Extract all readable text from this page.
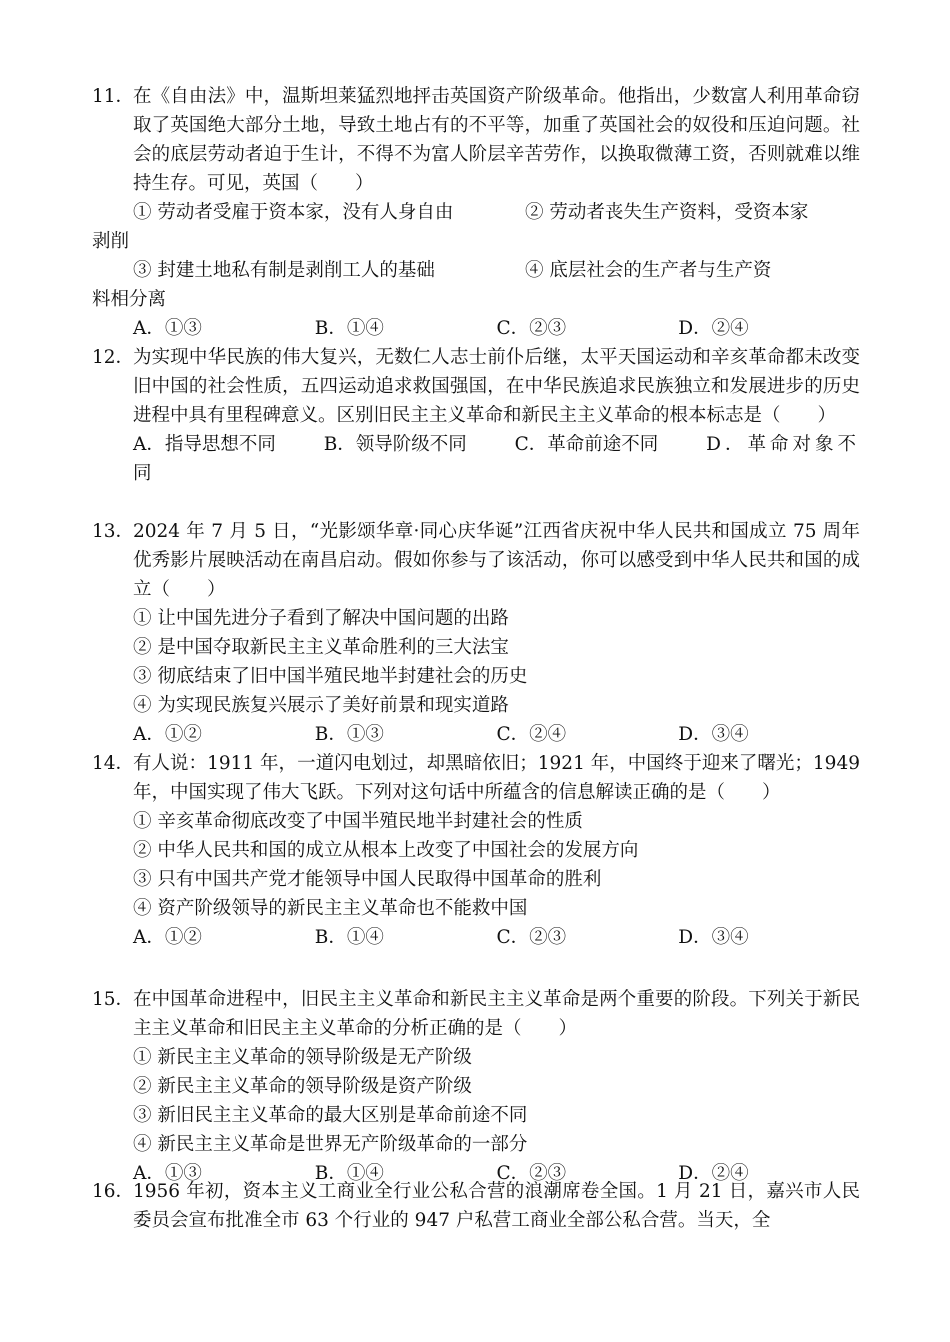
11．
在《自由法》中，温斯坦莱猛烈地抨击英国资产阶级革命。他指出，少数富人利用革命窃取了英国绝大部分土地，导致土地占有的不平等，加重了英国社会的奴役和压迫问题。社会的底层劳动者迫于生计，不得不为富人阶层辛苦劳作，以换取微薄工资，否则就难以维持生存。可见，英国（　　）
① 劳动者受雇于资本家，没有人身自由	② 劳动者丧失生产资料，受资本家
剥削
③ 封建土地私有制是剥削工人的基础	④ 底层社会的生产者与生产资
料相分离
A．①③	B．①④	C．②③	D．②④
12．
为实现中华民族的伟大复兴，无数仁人志士前仆后继，太平天国运动和辛亥革命都未改变旧中国的社会性质，五四运动追求救国强国，在中华民族追求民族独立和发展进步的历史进程中具有里程碑意义。区别旧民主主义革命和新民主主义革命的根本标志是（　　）
A．指导思想不同	B．领导阶级不同	C．革命前途不同	D．革命对象不
同
13．
2024 年 7 月 5 日，“光影颂华章·同心庆华诞”江西省庆祝中华人民共和国成立 75 周年优秀影片展映活动在南昌启动。假如你参与了该活动，你可以感受到中华人民共和国的成立（　　）
① 让中国先进分子看到了解决中国问题的出路
② 是中国夺取新民主主义革命胜利的三大法宝
③ 彻底结束了旧中国半殖民地半封建社会的历史
④ 为实现民族复兴展示了美好前景和现实道路
A．①②	B．①③	C．②④	D．③④
14．
有人说：1911 年，一道闪电划过，却黑暗依旧；1921 年，中国终于迎来了曙光；1949 年，中国实现了伟大飞跃。下列对这句话中所蕴含的信息解读正确的是（　　）
① 辛亥革命彻底改变了中国半殖民地半封建社会的性质
② 中华人民共和国的成立从根本上改变了中国社会的发展方向
③ 只有中国共产党才能领导中国人民取得中国革命的胜利
④ 资产阶级领导的新民主主义革命也不能救中国
A．①②	B．①④	C．②③	D．③④
15．
在中国革命进程中，旧民主主义革命和新民主主义革命是两个重要的阶段。下列关于新民主主义革命和旧民主主义革命的分析正确的是（　　）
① 新民主主义革命的领导阶级是无产阶级
② 新民主主义革命的领导阶级是资产阶级
③ 新旧民主主义革命的最大区别是革命前途不同
④ 新民主主义革命是世界无产阶级革命的一部分
A．①③	B．①④	C．②③	D．②④
16．
1956 年初，资本主义工商业全行业公私合营的浪潮席卷全国。1 月 21 日，嘉兴市人民委员会宣布批准全市 63 个行业的 947 户私营工商业全部公私合营。当天，全
